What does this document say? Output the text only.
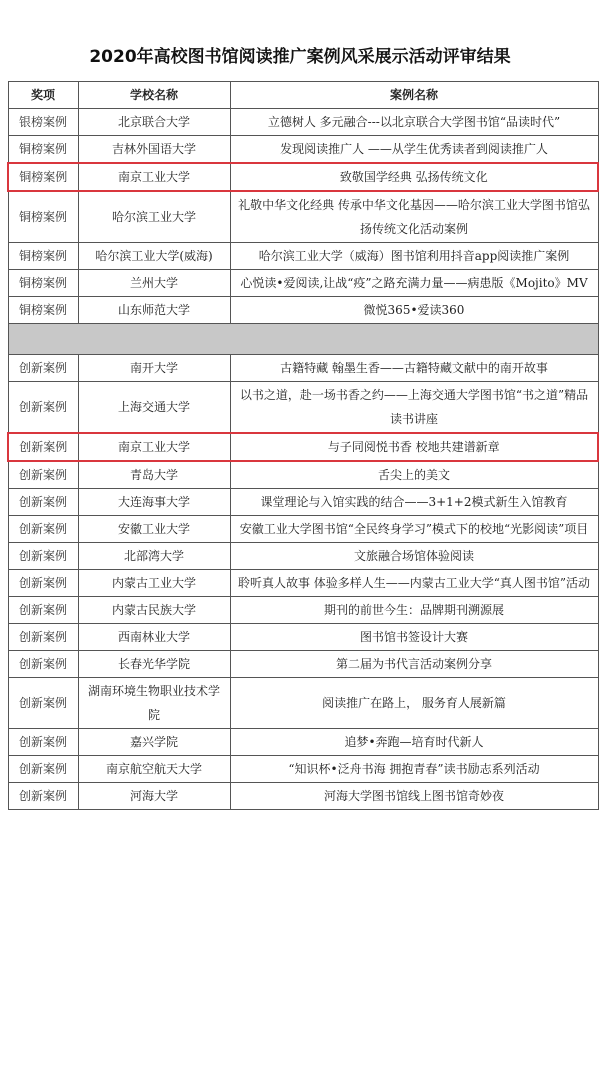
2020年高校图书馆阅读推广案例风采展示活动评审结果
奖项	学校名称	案例名称
银榜案例	北京联合大学	立德树人 多元融合---以北京联合大学图书馆“品读时代”
铜榜案例	吉林外国语大学	发现阅读推广人 ——从学生优秀读者到阅读推广人
铜榜案例	南京工业大学	致敬国学经典 弘扬传统文化
铜榜案例	哈尔滨工业大学	礼敬中华文化经典 传承中华文化基因——哈尔滨工业大学图书馆弘扬传统文化活动案例
铜榜案例	哈尔滨工业大学(威海)	哈尔滨工业大学（威海）图书馆利用抖音app阅读推广案例
铜榜案例	兰州大学	心悦读•爱阅读,让战“疫”之路充满力量——病患版《Mojito》MV
铜榜案例	山东师范大学	微悦365•爱读360

创新案例	南开大学	古籍特藏 翰墨生香——古籍特藏文献中的南开故事
创新案例	上海交通大学	以书之道，赴一场书香之约——上海交通大学图书馆“书之道”精品读书讲座
创新案例	南京工业大学	与子同阅悦书香 校地共建谱新章
创新案例	青岛大学	舌尖上的美文
创新案例	大连海事大学	课堂理论与入馆实践的结合——3+1+2模式新生入馆教育
创新案例	安徽工业大学	安徽工业大学图书馆“全民终身学习”模式下的校地“光影阅读”项目
创新案例	北部湾大学	文旅融合场馆体验阅读
创新案例	内蒙古工业大学	聆听真人故事 体验多样人生——内蒙古工业大学“真人图书馆”活动
创新案例	内蒙古民族大学	期刊的前世今生：品牌期刊溯源展
创新案例	西南林业大学	图书馆书签设计大赛
创新案例	长春光华学院	第二届为书代言活动案例分享
创新案例	湖南环境生物职业技术学院	阅读推广在路上， 服务育人展新篇
创新案例	嘉兴学院	追梦•奔跑—培育时代新人
创新案例	南京航空航天大学	“知识杯•泛舟书海 拥抱青春”读书励志系列活动
创新案例	河海大学	河海大学图书馆线上图书馆奇妙夜
